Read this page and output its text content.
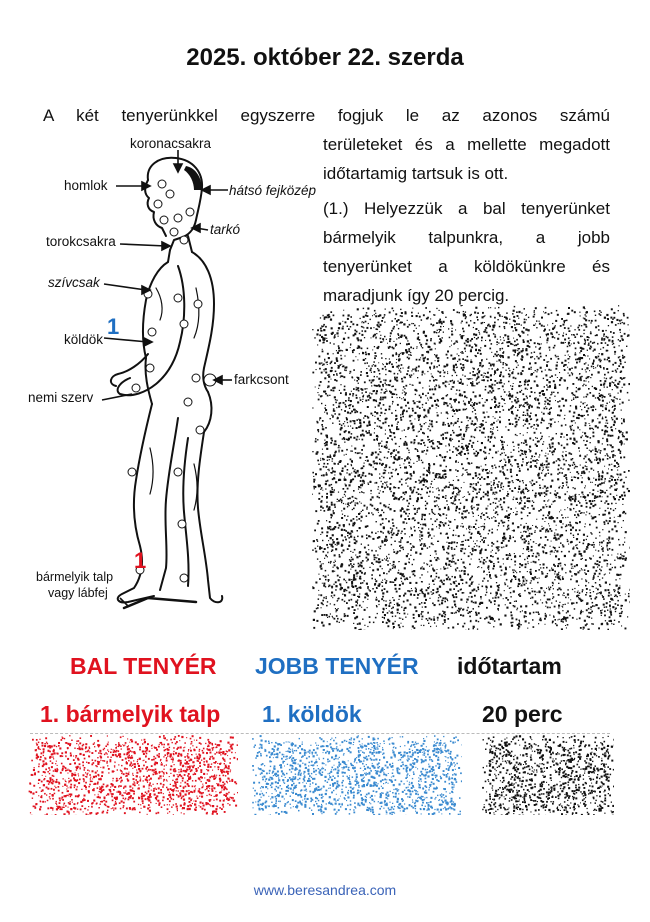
2025. október 22. szerda
A két tenyerünkkel egyszerre fogjuk le az azonos számú

területeket és a mellette megadott időtartamig tartsuk is ott.

(1.) Helyezzük a bal tenyerünket bármelyik talpunkra, a jobb tenyerünket a köldökünkre és maradjunk így 20 percig.

koronacsakra
homlok	hátsó fejközép
tarkó
torokcsakra
szívcsak
köldök
farkcsont
nemi szerv
bármelyik talp
vagy lábfej
1
1
BAL TENYÉR JOBB TENYÉR időtartam
1. bármelyik talp 1. köldök	20 perc
www.beresandrea.com
